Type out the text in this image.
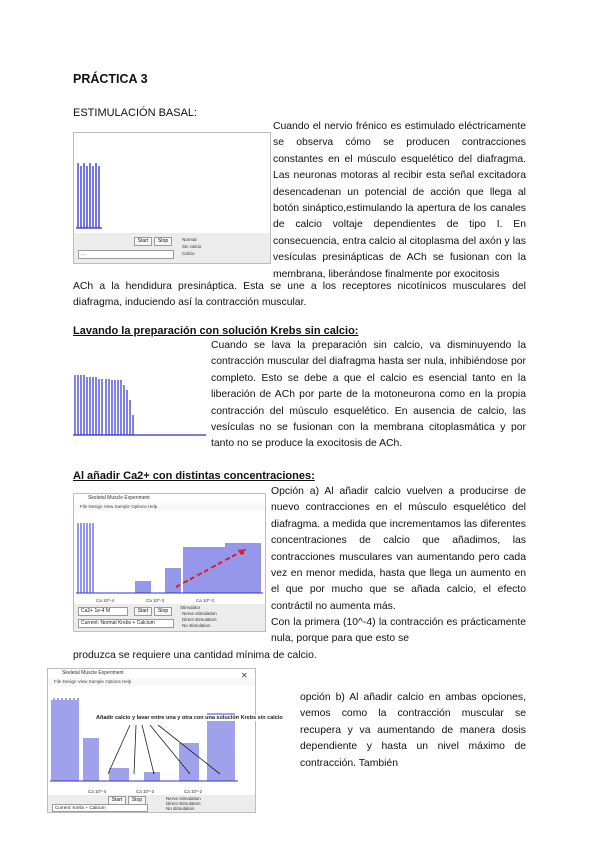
PRÁCTICA 3
ESTIMULACIÓN BASAL:
Start	Stop
...
Normal
Sin calcio
Calcio
Cuando el nervio frénico es estimulado eléctricamente se observa cómo se producen contracciones constantes en el músculo esquelético del diafragma. Las neuronas motoras al recibir esta señal excitadora desencadenan un potencial de acción que llega al botón sináptico,estimulando la apertura de los canales de calcio voltaje dependientes de tipo I. En consecuencia, entra calcio al citoplasma del axón y las vesículas presinápticas de ACh se fusionan con la membrana, liberándose finalmente por exocitosis
ACh a la hendidura presináptica. Esta se une a los receptores nicotínicos musculares del diafragma, induciendo así la contracción muscular.
Lavando la preparación con solución Krebs sin calcio:
Cuando se lava la preparación sin calcio, va disminuyendo la contracción muscular del diafragma hasta ser nula, inhibiéndose por completo. Esto se debe a que el calcio es esencial tanto en la liberación de ACh por parte de la motoneurona como en la propia contracción del músculo esquelético. En ausencia de calcio, las vesículas no se fusionan con la membrana citoplasmática y por tanto no se produce la exocitosis de ACh.
Al añadir Ca2+ con distintas concentraciones:
Skeletal Muscle Experiment
File Design View Sample Options Help
Ca 10^-4	Ca 10^-3	Ca 10^-2
Ca2+ 1e-4 M	Start	Stop
Current: Normal Krebs + Calcium
Stimulator
Nerve stimulation
Direct stimulation
No stimulation
Opción a) Al añadir calcio vuelven a producirse de nuevo contracciones en el músculo esquelético del diafragma. a medida que incrementamos las diferentes concentraciones de calcio que añadimos, las contracciones musculares van aumentando pero cada vez en menor medida, hasta que llega un aumento en el que por mucho que se añada calcio, el efecto contráctil no aumenta más.
Con la primera (10^-4) la contracción es prácticamente nula, porque para que esto se
produzca se requiere una cantidad mínima de calcio.
Skeletal Muscle Experiment
File Design View Sample Options Help
✕
Añadir calcio y lavar entre una y otra con una solución Krebs sin calcio
Ca 10^-4	Ca 10^-3	Ca 10^-2
Start	Stop
Current: Krebs + Calcium
Nerve stimulation
Direct stimulation
No stimulation
opción b) Al añadir calcio en ambas opciones, vemos como la contracción muscular se recupera y va aumentando de manera dosis dependiente y hasta un nivel máximo de contracción. También
